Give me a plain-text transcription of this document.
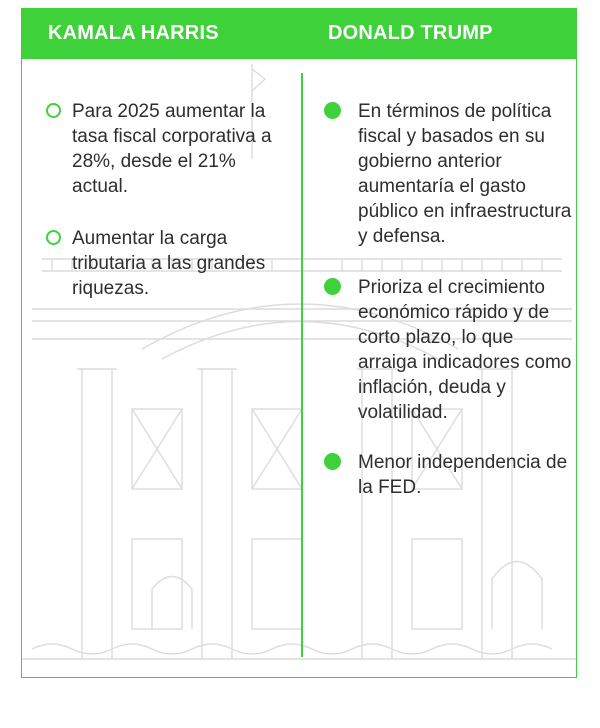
KAMALA HARRIS	DONALD TRUMP
Para 2025 aumentar la tasa fiscal corporativa a 28%, desde el 21% actual.
Aumentar la carga tributaria a las grandes riquezas.
En términos de política fiscal y basados en su gobierno anterior aumentaría el gasto público en infraestructura y defensa.
Prioriza el crecimiento económico rápido y de corto plazo, lo que arraiga indicadores como inflación, deuda y volatilidad.
Menor independencia de la FED.
